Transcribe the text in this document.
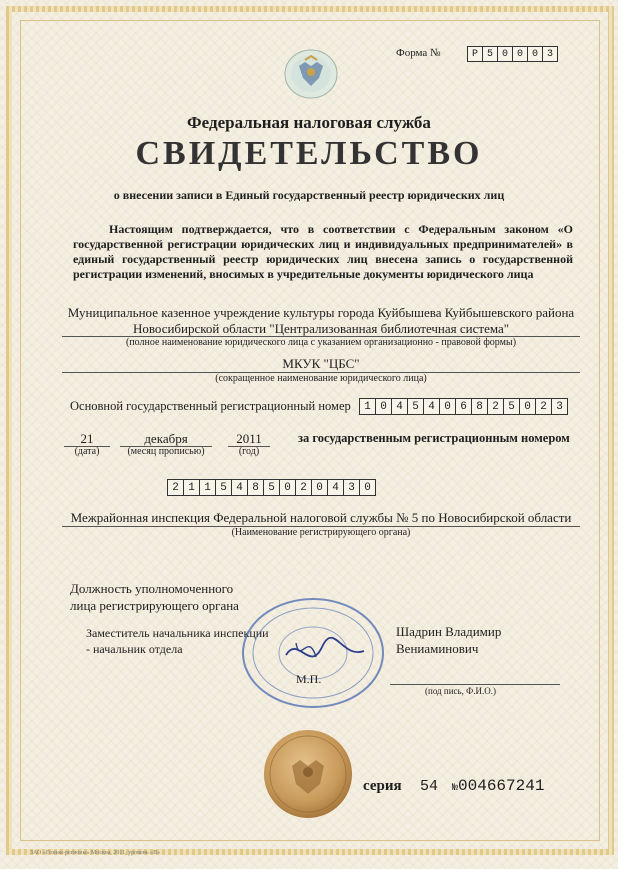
Форма №	Р 5 0 0 0 3
Федеральная налоговая служба
СВИДЕТЕЛЬСТВО
о внесении записи в Единый государственный реестр юридических лиц
Настоящим подтверждается, что в соответствии с Федеральным законом «О государственной регистрации юридических лиц и индивидуальных предпринимателей» в единый государственный реестр юридических лиц внесена запись о государственной регистрации изменений, вносимых в учредительные документы юридического лица
Муниципальное казенное учреждение культуры города Куйбышева Куйбышевского района
Новосибирской области "Централизованная библиотечная система"
(полное наименование юридического лица с указанием организационно - правовой формы)
МКУК "ЦБС"
(сокращенное наименование юридического лица)
Основной государственный регистрационный номер	1 0 4 5 4 0 6 8 2 5 0 2 3
21
(дата)
декабря
(месяц прописью)
2011
(год)
за государственным регистрационным номером
2 1 1 5 4 8 5 0 2 0 4 3 0
Межрайонная инспекция Федеральной налоговой службы № 5 по Новосибирской области
(Наименование регистрирующего органа)
Должность уполномоченного
лица регистрирующего органа
Заместитель начальника инспекции
- начальник отдела
Шадрин Владимир
Вениаминович
М.П.
(под пись, Ф.И.О.)
серия 54 №004667241
ЗАО «Гознак-регионы» Москва, 2011, уровень «В»
